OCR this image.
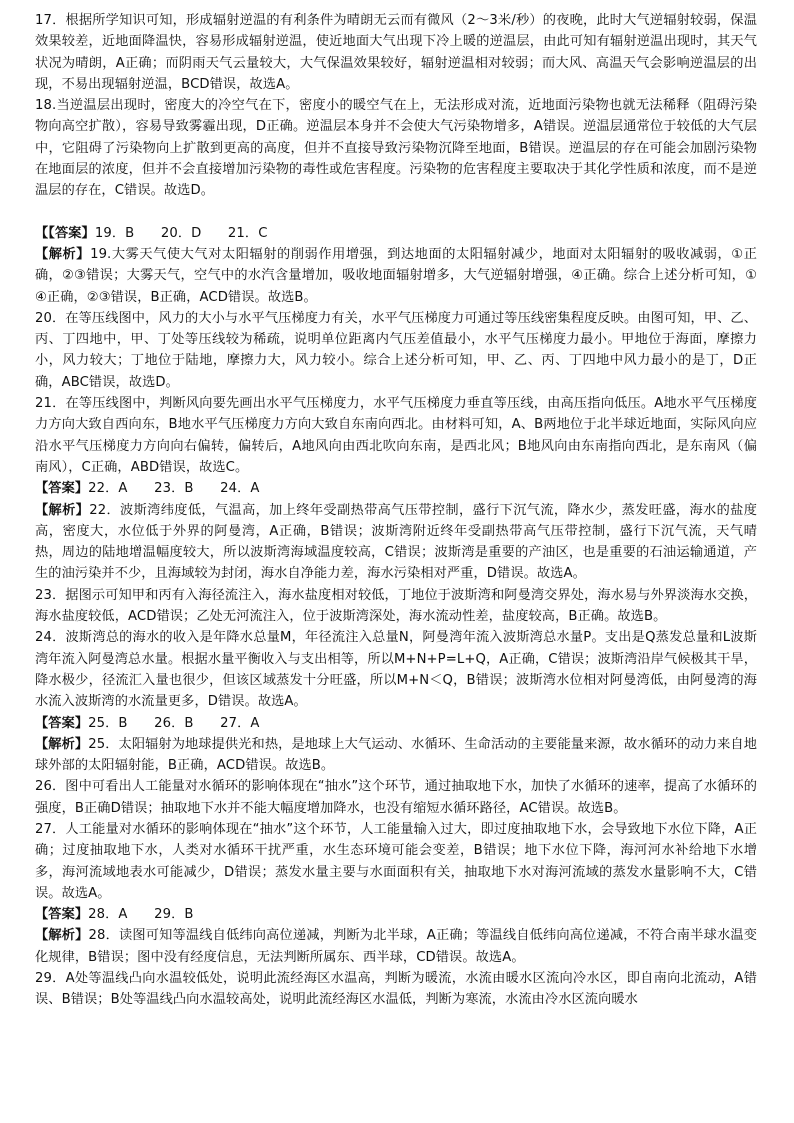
17．根据所学知识可知，形成辐射逆温的有利条件为晴朗无云而有微风（2～3米/秒）的夜晚，此时大气逆辐射较弱，保温效果较差，近地面降温快，容易形成辐射逆温，使近地面大气出现下冷上暖的逆温层，由此可知有辐射逆温出现时，其天气状况为晴朗，A正确；而阴雨天气云量较大，大气保温效果较好，辐射逆温相对较弱；而大风、高温天气会影响逆温层的出现，不易出现辐射逆温，BCD错误，故选A。

18.当逆温层出现时，密度大的冷空气在下，密度小的暖空气在上，无法形成对流，近地面污染物也就无法稀释（阻碍污染物向高空扩散），容易导致雾霾出现，D正确。逆温层本身并不会使大气污染物增多，A错误。逆温层通常位于较低的大气层中，它阻碍了污染物向上扩散到更高的高度，但并不直接导致污染物沉降至地面，B错误。逆温层的存在可能会加剧污染物在地面层的浓度，但并不会直接增加污染物的毒性或危害程度。污染物的危害程度主要取决于其化学性质和浓度，而不是逆温层的存在，C错误。故选D。

【【答案】19．B　　20．D　　21．C

【解析】19.大雾天气使大气对太阳辐射的削弱作用增强，到达地面的太阳辐射减少，地面对太阳辐射的吸收减弱，①正确，②③错误；大雾天气，空气中的水汽含量增加，吸收地面辐射增多，大气逆辐射增强，④正确。综合上述分析可知，①④正确，②③错误，B正确，ACD错误。故选B。

20．在等压线图中，风力的大小与水平气压梯度力有关，水平气压梯度力可通过等压线密集程度反映。由图可知，甲、乙、丙、丁四地中，甲、丁处等压线较为稀疏，说明单位距离内气压差值最小，水平气压梯度力最小。甲地位于海面，摩擦力小，风力较大；丁地位于陆地，摩擦力大，风力较小。综合上述分析可知，甲、乙、丙、丁四地中风力最小的是丁，D正确，ABC错误，故选D。

21．在等压线图中，判断风向要先画出水平气压梯度力，水平气压梯度力垂直等压线，由高压指向低压。A地水平气压梯度力方向大致自西向东，B地水平气压梯度力方向大致自东南向西北。由材料可知，A、B两地位于北半球近地面，实际风向应沿水平气压梯度力方向向右偏转，偏转后，A地风向由西北吹向东南，是西北风；B地风向由东南指向西北，是东南风（偏南风），C正确，ABD错误，故选C。

【答案】22．A　　23．B　　24．A

【解析】22．波斯湾纬度低，气温高，加上终年受副热带高气压带控制，盛行下沉气流，降水少，蒸发旺盛，海水的盐度高，密度大，水位低于外界的阿曼湾，A正确，B错误；波斯湾附近终年受副热带高气压带控制，盛行下沉气流，天气晴热，周边的陆地增温幅度较大，所以波斯湾海域温度较高，C错误；波斯湾是重要的产油区，也是重要的石油运输通道，产生的油污染并不少，且海域较为封闭，海水自净能力差，海水污染相对严重，D错误。故选A。

23．据图示可知甲和丙有入海径流注入，海水盐度相对较低，丁地位于波斯湾和阿曼湾交界处，海水易与外界淡海水交换，海水盐度较低，ACD错误；乙处无河流注入，位于波斯湾深处，海水流动性差，盐度较高，B正确。故选B。

24．波斯湾总的海水的收入是年降水总量M，年径流注入总量N，阿曼湾年流入波斯湾总水量P。支出是Q蒸发总量和L波斯湾年流入阿曼湾总水量。根据水量平衡收入与支出相等，所以M+N+P=L+Q，A正确，C错误；波斯湾沿岸气候极其干旱，降水极少，径流汇入量也很少，但该区域蒸发十分旺盛，所以M+N＜Q，B错误；波斯湾水位相对阿曼湾低，由阿曼湾的海水流入波斯湾的水流量更多，D错误。故选A。

【答案】25．B　　26．B　　27．A

【解析】25．太阳辐射为地球提供光和热，是地球上大气运动、水循环、生命活动的主要能量来源，故水循环的动力来自地球外部的太阳辐射能，B正确，ACD错误。故选B。

26．图中可看出人工能量对水循环的影响体现在“抽水”这个环节，通过抽取地下水，加快了水循环的速率，提高了水循环的强度，B正确D错误；抽取地下水并不能大幅度增加降水，也没有缩短水循环路径，AC错误。故选B。

27．人工能量对水循环的影响体现在“抽水”这个环节，人工能量输入过大，即过度抽取地下水，会导致地下水位下降，A正确；过度抽取地下水，人类对水循环干扰严重，水生态环境可能会变差，B错误；地下水位下降，海河河水补给地下水增多，海河流域地表水可能减少，D错误；蒸发水量主要与水面面积有关，抽取地下水对海河流域的蒸发水量影响不大，C错误。故选A。

【答案】28．A　　29．B

【解析】28．读图可知等温线自低纬向高位递减，判断为北半球，A正确；等温线自低纬向高位递减，不符合南半球水温变化规律，B错误；图中没有经度信息，无法判断所属东、西半球，CD错误。故选A。

29．A处等温线凸向水温较低处，说明此流经海区水温高，判断为暖流，水流由暖水区流向冷水区，即自南向北流动，A错误、B错误；B处等温线凸向水温较高处，说明此流经海区水温低，判断为寒流，水流由冷水区流向暖水
